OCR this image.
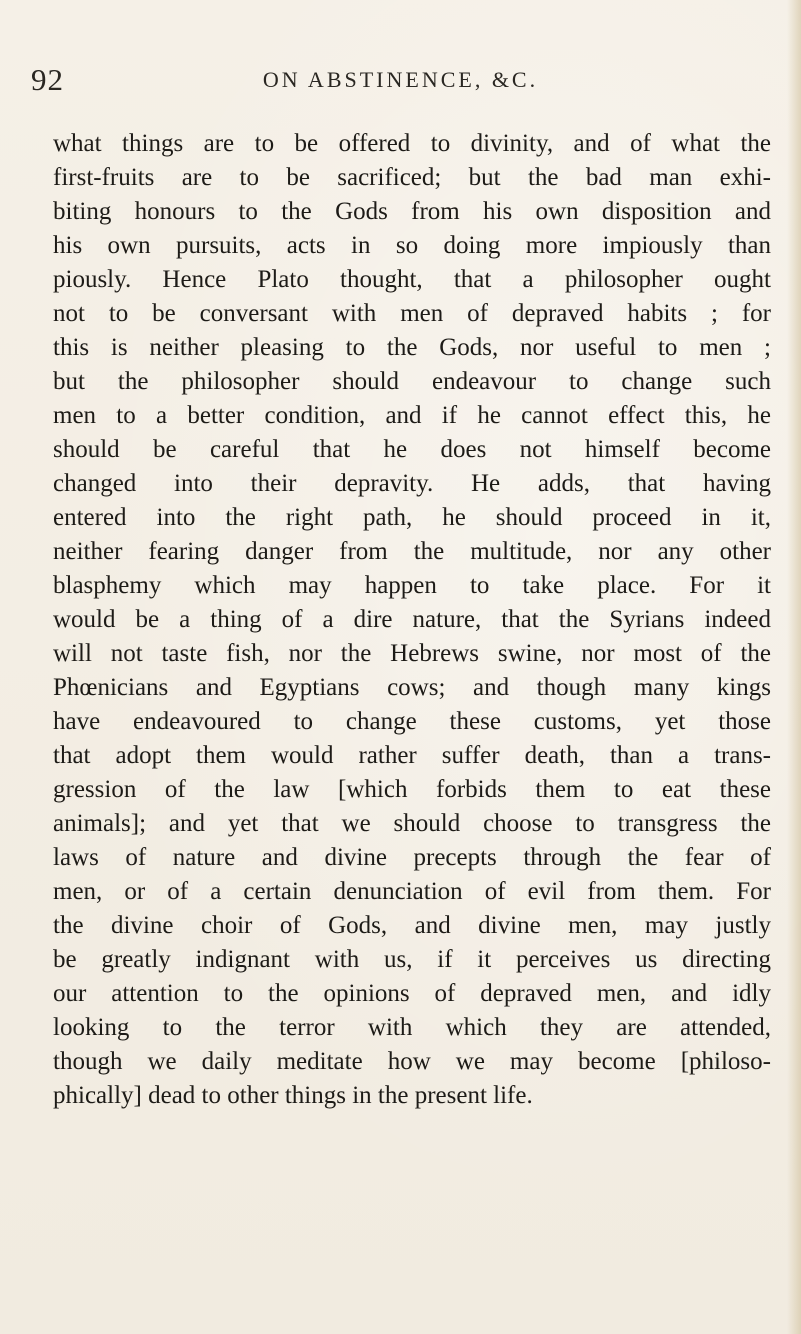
92	ON ABSTINENCE, &C.
what things are to be offered to divinity, and of what the
first-fruits are to be sacrificed; but the bad man exhi-
biting honours to the Gods from his own disposition and
his own pursuits, acts in so doing more impiously than
piously. Hence Plato thought, that a philosopher ought
not to be conversant with men of depraved habits ; for
this is neither pleasing to the Gods, nor useful to men ;
but the philosopher should endeavour to change such
men to a better condition, and if he cannot effect this, he
should be careful that he does not himself become
changed into their depravity. He adds, that having
entered into the right path, he should proceed in it,
neither fearing danger from the multitude, nor any other
blasphemy which may happen to take place. For it
would be a thing of a dire nature, that the Syrians indeed
will not taste fish, nor the Hebrews swine, nor most of the
Phœnicians and Egyptians cows; and though many kings
have endeavoured to change these customs, yet those
that adopt them would rather suffer death, than a trans-
gression of the law [which forbids them to eat these
animals]; and yet that we should choose to transgress the
laws of nature and divine precepts through the fear of
men, or of a certain denunciation of evil from them. For
the divine choir of Gods, and divine men, may justly
be greatly indignant with us, if it perceives us directing
our attention to the opinions of depraved men, and idly
looking to the terror with which they are attended,
though we daily meditate how we may become [philoso-
phically] dead to other things in the present life.
